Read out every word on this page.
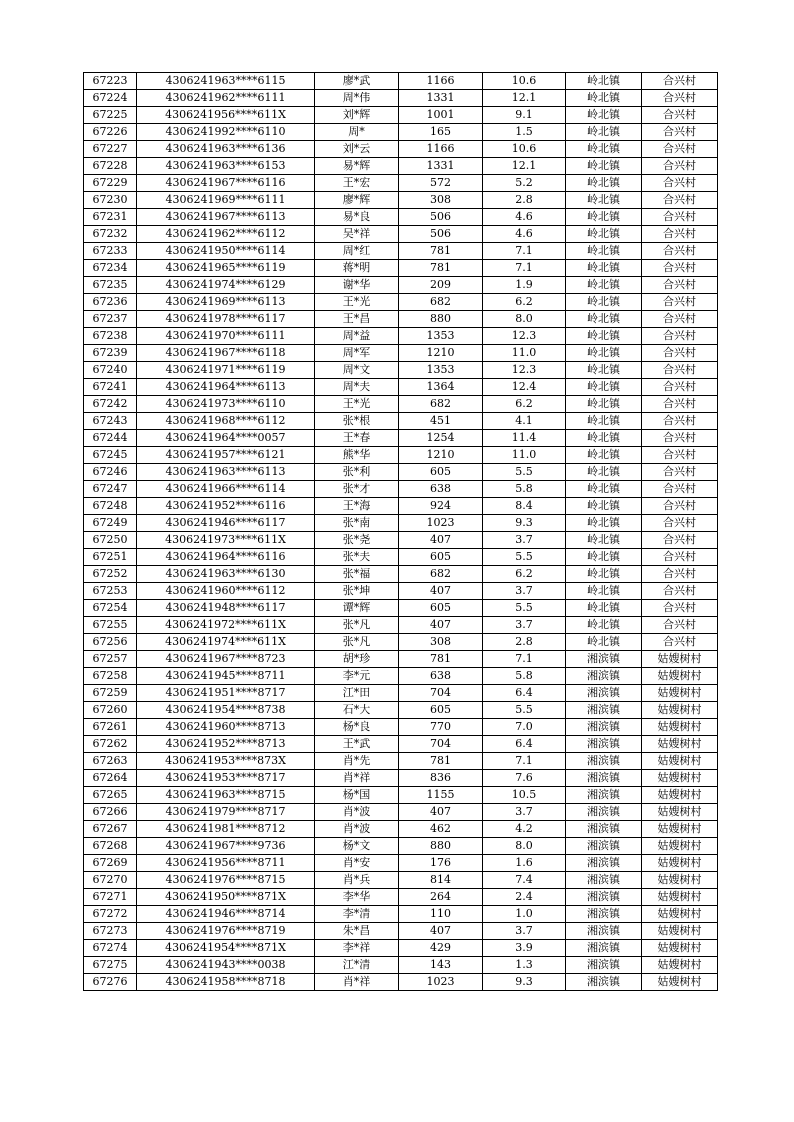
67223	4306241963****6115	廖*武	1166	10.6	岭北镇	合兴村
67224	4306241962****6111	周*伟	1331	12.1	岭北镇	合兴村
67225	4306241956****611X	刘*辉	1001	9.1	岭北镇	合兴村
67226	4306241992****6110	周*	165	1.5	岭北镇	合兴村
67227	4306241963****6136	刘*云	1166	10.6	岭北镇	合兴村
67228	4306241963****6153	易*辉	1331	12.1	岭北镇	合兴村
67229	4306241967****6116	王*宏	572	5.2	岭北镇	合兴村
67230	4306241969****6111	廖*辉	308	2.8	岭北镇	合兴村
67231	4306241967****6113	易*良	506	4.6	岭北镇	合兴村
67232	4306241962****6112	吴*祥	506	4.6	岭北镇	合兴村
67233	4306241950****6114	周*红	781	7.1	岭北镇	合兴村
67234	4306241965****6119	蒋*明	781	7.1	岭北镇	合兴村
67235	4306241974****6129	谢*华	209	1.9	岭北镇	合兴村
67236	4306241969****6113	王*光	682	6.2	岭北镇	合兴村
67237	4306241978****6117	王*昌	880	8.0	岭北镇	合兴村
67238	4306241970****6111	周*益	1353	12.3	岭北镇	合兴村
67239	4306241967****6118	周*军	1210	11.0	岭北镇	合兴村
67240	4306241971****6119	周*文	1353	12.3	岭北镇	合兴村
67241	4306241964****6113	周*夫	1364	12.4	岭北镇	合兴村
67242	4306241973****6110	王*光	682	6.2	岭北镇	合兴村
67243	4306241968****6112	张*根	451	4.1	岭北镇	合兴村
67244	4306241964****0057	王*春	1254	11.4	岭北镇	合兴村
67245	4306241957****6121	熊*华	1210	11.0	岭北镇	合兴村
67246	4306241963****6113	张*利	605	5.5	岭北镇	合兴村
67247	4306241966****6114	张*才	638	5.8	岭北镇	合兴村
67248	4306241952****6116	王*海	924	8.4	岭北镇	合兴村
67249	4306241946****6117	张*南	1023	9.3	岭北镇	合兴村
67250	4306241973****611X	张*尧	407	3.7	岭北镇	合兴村
67251	4306241964****6116	张*夫	605	5.5	岭北镇	合兴村
67252	4306241963****6130	张*福	682	6.2	岭北镇	合兴村
67253	4306241960****6112	张*坤	407	3.7	岭北镇	合兴村
67254	4306241948****6117	谭*辉	605	5.5	岭北镇	合兴村
67255	4306241972****611X	张*凡	407	3.7	岭北镇	合兴村
67256	4306241974****611X	张*凡	308	2.8	岭北镇	合兴村
67257	4306241967****8723	胡*珍	781	7.1	湘滨镇	姑嫂树村
67258	4306241945****8711	李*元	638	5.8	湘滨镇	姑嫂树村
67259	4306241951****8717	江*田	704	6.4	湘滨镇	姑嫂树村
67260	4306241954****8738	石*大	605	5.5	湘滨镇	姑嫂树村
67261	4306241960****8713	杨*良	770	7.0	湘滨镇	姑嫂树村
67262	4306241952****8713	王*武	704	6.4	湘滨镇	姑嫂树村
67263	4306241953****873X	肖*先	781	7.1	湘滨镇	姑嫂树村
67264	4306241953****8717	肖*祥	836	7.6	湘滨镇	姑嫂树村
67265	4306241963****8715	杨*国	1155	10.5	湘滨镇	姑嫂树村
67266	4306241979****8717	肖*波	407	3.7	湘滨镇	姑嫂树村
67267	4306241981****8712	肖*波	462	4.2	湘滨镇	姑嫂树村
67268	4306241967****9736	杨*文	880	8.0	湘滨镇	姑嫂树村
67269	4306241956****8711	肖*安	176	1.6	湘滨镇	姑嫂树村
67270	4306241976****8715	肖*兵	814	7.4	湘滨镇	姑嫂树村
67271	4306241950****871X	李*华	264	2.4	湘滨镇	姑嫂树村
67272	4306241946****8714	李*清	110	1.0	湘滨镇	姑嫂树村
67273	4306241976****8719	朱*昌	407	3.7	湘滨镇	姑嫂树村
67274	4306241954****871X	李*祥	429	3.9	湘滨镇	姑嫂树村
67275	4306241943****0038	江*清	143	1.3	湘滨镇	姑嫂树村
67276	4306241958****8718	肖*祥	1023	9.3	湘滨镇	姑嫂树村
